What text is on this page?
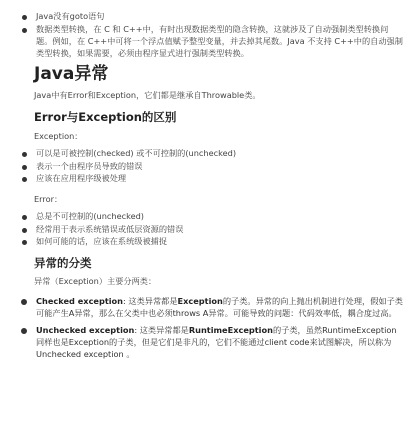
Java没有goto语句
数据类型转换，在 C 和 C++中，有时出现数据类型的隐含转换，这就涉及了自动强制类型转换问题。例如，在 C++中可将一个浮点值赋予整型变量，并去掉其尾数。Java 不支持 C++中的自动强制类型转换，如果需要，必须由程序显式进行强制类型转换。
Java异常
Java中有Error和Exception，它们都是继承自Throwable类。
Error与Exception的区别
Exception：
可以是可被控制(checked) 或不可控制的(unchecked)
表示一个由程序员导致的错误
应该在应用程序级被处理
Error：
总是不可控制的(unchecked)
经常用于表示系统错误或低层资源的错误
如何可能的话，应该在系统级被捕捉
异常的分类
异常（Exception）主要分两类：
Checked exception: 这类异常都是Exception的子类。异常的向上抛出机制进行处理，假如子类可能产生A异常，那么在父类中也必须throws A异常。可能导致的问题：代码效率低，耦合度过高。
Unchecked exception: 这类异常都是RuntimeException的子类，虽然RuntimeException同样也是Exception的子类，但是它们是非凡的，它们不能通过client code来试图解决，所以称为Unchecked exception 。
